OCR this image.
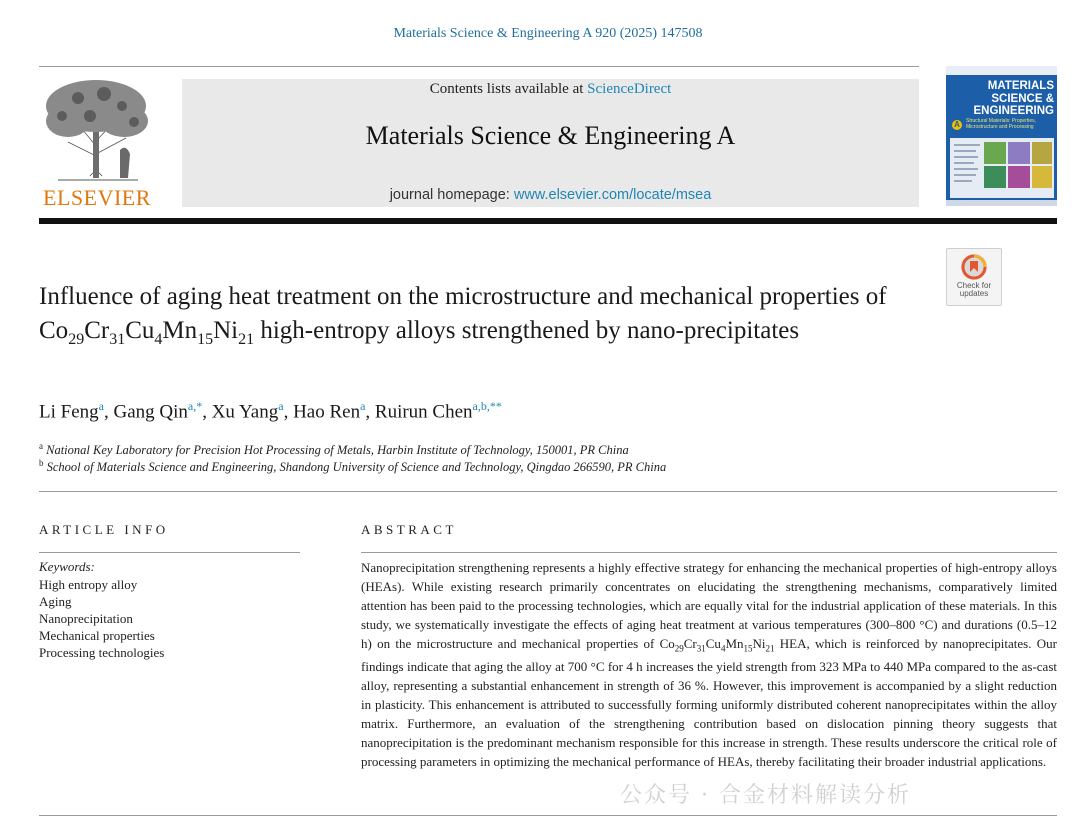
Materials Science & Engineering A 920 (2025) 147508
ELSEVIER
Contents lists available at ScienceDirect
Materials Science & Engineering A
journal homepage: www.elsevier.com/locate/msea
MATERIALS
SCIENCE &
ENGINEERING
A	Structural Materials: Properties, Microstructure and Processing
Check for
updates
Influence of aging heat treatment on the microstructure and mechanical properties of $Co_{29}Cr_{31}Cu_4Mn_{15}Ni_{21}$ high-entropy alloys strengthened by nano-precipitates
Li Feng$^a$, Gang Qin$^{a,*}$, Xu Yang$^a$, Hao Ren$^a$, Ruirun Chen$^{a,b,**}$
$^a$ National Key Laboratory for Precision Hot Processing of Metals, Harbin Institute of Technology, 150001, PR China
$^b$ School of Materials Science and Engineering, Shandong University of Science and Technology, Qingdao 266590, PR China
ARTICLE INFO
Keywords:
High entropy alloy
Aging
Nanoprecipitation
Mechanical properties
Processing technologies
ABSTRACT
Nanoprecipitation strengthening represents a highly effective strategy for enhancing the mechanical properties of high-entropy alloys (HEAs). While existing research primarily concentrates on elucidating the strengthening mechanisms, comparatively limited attention has been paid to the processing technologies, which are equally vital for the industrial application of these materials. In this study, we systematically investigate the effects of aging heat treatment at various temperatures (300–800 °C) and durations (0.5–12 h) on the microstructure and mechanical properties of $Co_{29}Cr_{31}Cu_4Mn_{15}Ni_{21}$ HEA, which is reinforced by nanoprecipitates. Our findings indicate that aging the alloy at 700 °C for 4 h increases the yield strength from 323 MPa to 440 MPa compared to the as-cast alloy, representing a substantial enhancement in strength of 36 %. However, this improvement is accompanied by a slight reduction in plasticity. This enhancement is attributed to successfully forming uniformly distributed coherent nanoprecipitates within the alloy matrix. Furthermore, an evaluation of the strengthening contribution based on dislocation pinning theory suggests that nanoprecipitation is the predominant mechanism responsible for this increase in strength. These results underscore the critical role of processing parameters in optimizing the mechanical performance of HEAs, thereby facilitating their broader industrial applications.
公众号 · 合金材料解读分析
